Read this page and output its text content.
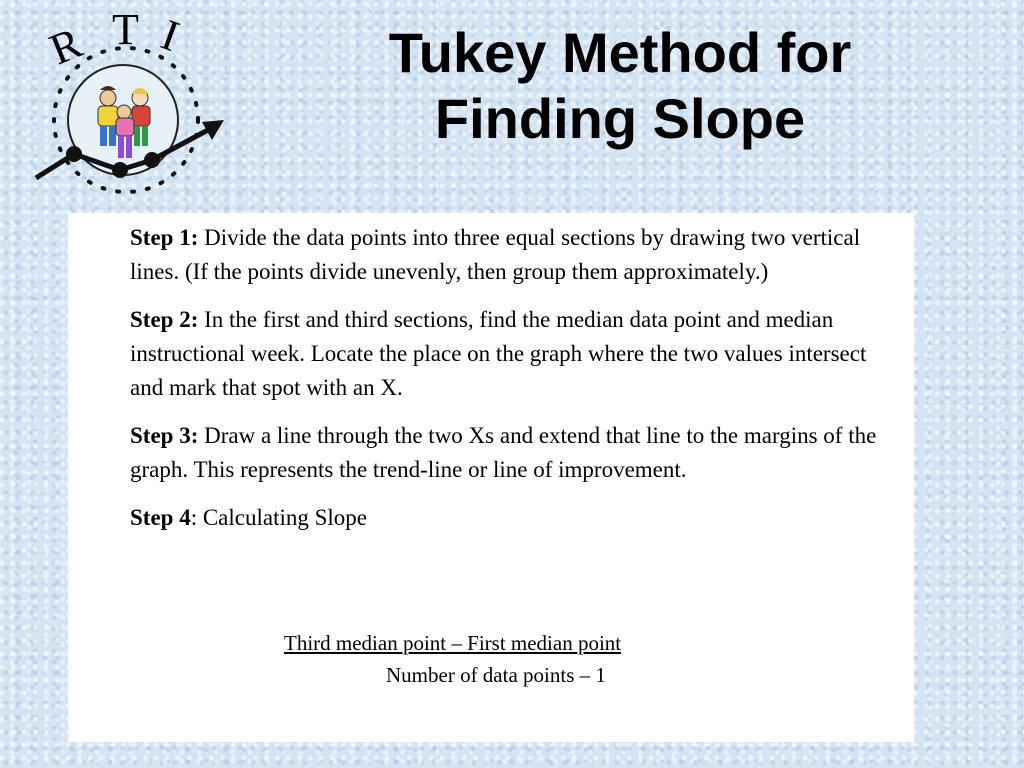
R T I	Tukey Method for
Finding Slope

Step 1: Divide the data points into three equal sections by drawing two vertical lines. (If the points divide unevenly, then group them approximately.)

Step 2: In the first and third sections, find the median data point and median instructional week. Locate the place on the graph where the two values intersect and mark that spot with an X.

Step 3: Draw a line through the two Xs and extend that line to the margins of the graph. This represents the trend-line or line of improvement.

Step 4: Calculating Slope

Third median point – First median point
Number of data points – 1
